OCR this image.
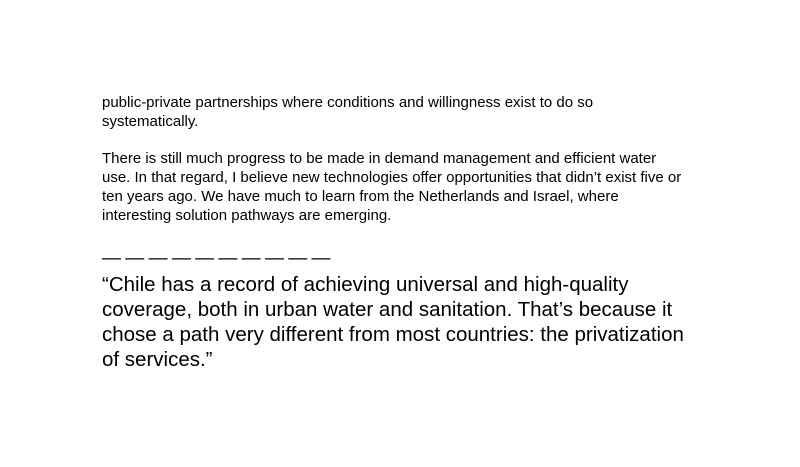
public-private partnerships where conditions and willingness exist to do so
systematically.

There is still much progress to be made in demand management and efficient water
use. In that regard, I believe new technologies offer opportunities that didn’t exist five or
ten years ago. We have much to learn from the Netherlands and Israel, where
interesting solution pathways are emerging.

— — — — — — — — — —

“Chile has a record of achieving universal and high-quality
coverage, both in urban water and sanitation. That’s because it
chose a path very different from most countries: the privatization
of services.”
